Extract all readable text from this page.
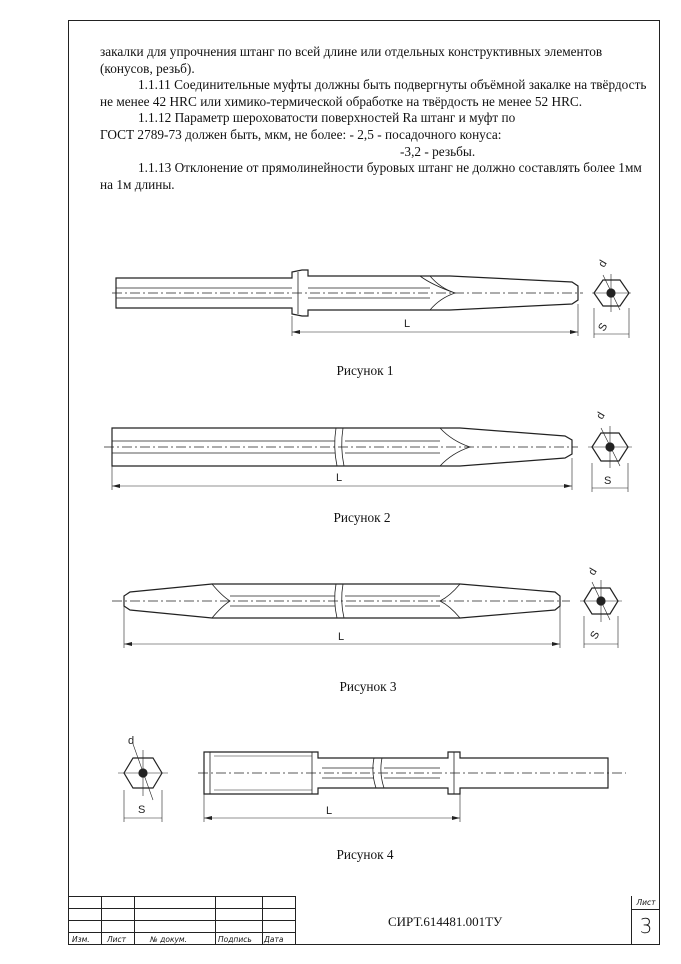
закалки для упрочнения штанг по всей длине или отдельных конструктивных элементов (конусов, резьб).

1.1.11 Соединительные муфты должны быть подвергнуты объёмной закалке на твёрдость не менее 42 HRC или химико-термической обработке на твёрдость не менее 52 HRC.

1.1.12 Параметр шероховатости поверхностей Ra штанг и муфт по

ГОСТ 2789-73 должен быть, мкм, не более: - 2,5 - посадочного конуса:

-3,2 - резьбы.

1.1.13 Отклонение от прямолинейности буровых штанг не должно составлять более 1мм на 1м длины.

L
d
S
L
d
S
L
d
S
L
d
S
Рисунок 1
Рисунок 2
Рисунок 3
Рисунок 4

Изм. Лист	№ докум.	Подпись Дата
СИРТ.614481.001ТУ
Лист
3
